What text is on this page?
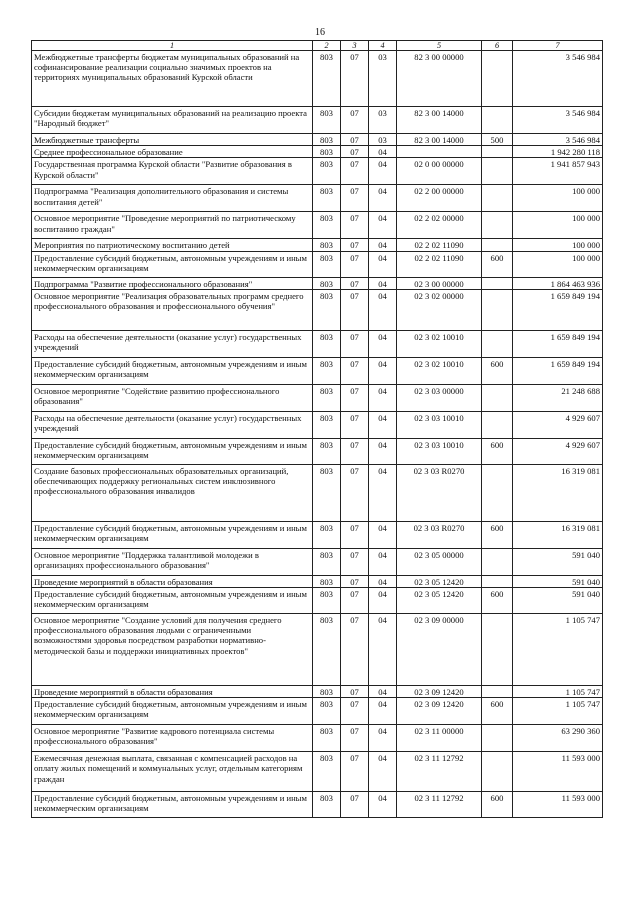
16
1	2	3	4	5	6	7
Межбюджетные трансферты бюджетам муниципальных образований на софинансирование реализации социально значимых проектов на территориях муниципальных образований Курской области	803	07	03	82 3 00 00000		3 546 984
Субсидии бюджетам муниципальных образований на реализацию проекта "Народный бюджет"	803	07	03	82 3 00 14000		3 546 984
Межбюджетные трансферты	803	07	03	82 3 00 14000	500	3 546 984
Среднее профессиональное образование	803	07	04			1 942 280 118
Государственная программа Курской области "Развитие образования в Курской области"	803	07	04	02 0 00 00000		1 941 857 943
Подпрограмма "Реализация дополнительного образования и системы воспитания детей"	803	07	04	02 2 00 00000		100 000
Основное мероприятие "Проведение мероприятий по патриотическому воспитанию граждан"	803	07	04	02 2 02 00000		100 000
Мероприятия по патриотическому воспитанию детей	803	07	04	02 2 02 11090		100 000
Предоставление субсидий бюджетным, автономным учреждениям и иным некоммерческим организациям	803	07	04	02 2 02 11090	600	100 000
Подпрограмма "Развитие профессионального образования"	803	07	04	02 3 00 00000		1 864 463 936
Основное мероприятие "Реализация образовательных программ среднего профессионального образования и профессионального обучения"	803	07	04	02 3 02 00000		1 659 849 194
Расходы на обеспечение деятельности (оказание услуг) государственных учреждений	803	07	04	02 3 02 10010		1 659 849 194
Предоставление субсидий бюджетным, автономным учреждениям и иным некоммерческим организациям	803	07	04	02 3 02 10010	600	1 659 849 194
Основное мероприятие "Содействие развитию профессионального образования"	803	07	04	02 3 03 00000		21 248 688
Расходы на обеспечение деятельности (оказание услуг) государственных учреждений	803	07	04	02 3 03 10010		4 929 607
Предоставление субсидий бюджетным, автономным учреждениям и иным некоммерческим организациям	803	07	04	02 3 03 10010	600	4 929 607
Создание базовых профессиональных образовательных организаций, обеспечивающих поддержку региональных систем инклюзивного профессионального образования инвалидов	803	07	04	02 3 03 R0270		16 319 081
Предоставление субсидий бюджетным, автономным учреждениям и иным некоммерческим организациям	803	07	04	02 3 03 R0270	600	16 319 081
Основное мероприятие "Поддержка талантливой молодежи в организациях профессионального образования"	803	07	04	02 3 05 00000		591 040
Проведение мероприятий в области образования	803	07	04	02 3 05 12420		591 040
Предоставление субсидий бюджетным, автономным учреждениям и иным некоммерческим организациям	803	07	04	02 3 05 12420	600	591 040
Основное мероприятие "Создание условий для получения среднего профессионального образования людьми с ограниченными возможностями здоровья посредством разработки нормативно-методической базы и поддержки инициативных проектов"	803	07	04	02 3 09 00000		1 105 747
Проведение мероприятий в области образования	803	07	04	02 3 09 12420		1 105 747
Предоставление субсидий бюджетным, автономным учреждениям и иным некоммерческим организациям	803	07	04	02 3 09 12420	600	1 105 747
Основное мероприятие "Развитие кадрового потенциала системы профессионального образования"	803	07	04	02 3 11 00000		63 290 360
Ежемесячная денежная выплата, связанная с компенсацией расходов на оплату жилых помещений и коммунальных услуг, отдельным категориям граждан	803	07	04	02 3 11 12792		11 593 000
Предоставление субсидий бюджетным, автономным учреждениям и иным некоммерческим организациям	803	07	04	02 3 11 12792	600	11 593 000
